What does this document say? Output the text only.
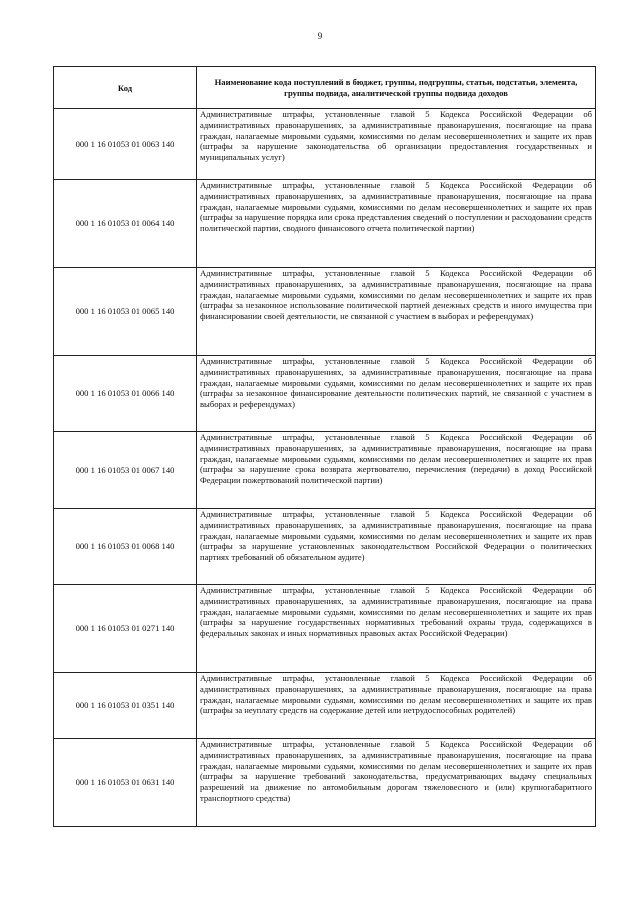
9
Код	Наименование кода поступлений в бюджет, группы, подгруппы, статьи, подстатьи, элемента, группы подвида, аналитической группы подвида доходов
000 1 16 01053 01 0063 140	Административные штрафы, установленные главой 5 Кодекса Российской Федерации об административных правонарушениях, за административные правонарушения, посягающие на права граждан, налагаемые мировыми судьями, комиссиями по делам несовершеннолетних и защите их прав (штрафы за нарушение законодательства об организации предоставления государственных и муниципальных услуг)
000 1 16 01053 01 0064 140	Административные штрафы, установленные главой 5 Кодекса Российской Федерации об административных правонарушениях, за административные правонарушения, посягающие на права граждан, налагаемые мировыми судьями, комиссиями по делам несовершеннолетних и защите их прав (штрафы за нарушение порядка или срока представления сведений о поступлении и расходовании средств политической партии, сводного финансового отчета политической партии)
000 1 16 01053 01 0065 140	Административные штрафы, установленные главой 5 Кодекса Российской Федерации об административных правонарушениях, за административные правонарушения, посягающие на права граждан, налагаемые мировыми судьями, комиссиями по делам несовершеннолетних и защите их прав (штрафы за незаконное использование политической партией денежных средств и иного имущества при финансировании своей деятельности, не связанной с участием в выборах и референдумах)
000 1 16 01053 01 0066 140	Административные штрафы, установленные главой 5 Кодекса Российской Федерации об административных правонарушениях, за административные правонарушения, посягающие на права граждан, налагаемые мировыми судьями, комиссиями по делам несовершеннолетних и защите их прав (штрафы за незаконное финансирование деятельности политических партий, не связанной с участием в выборах и референдумах)
000 1 16 01053 01 0067 140	Административные штрафы, установленные главой 5 Кодекса Российской Федерации об административных правонарушениях, за административные правонарушения, посягающие на права граждан, налагаемые мировыми судьями, комиссиями по делам несовершеннолетних и защите их прав (штрафы за нарушение срока возврата жертвователю, перечисления (передачи) в доход Российской Федерации пожертвований политической партии)
000 1 16 01053 01 0068 140	Административные штрафы, установленные главой 5 Кодекса Российской Федерации об административных правонарушениях, за административные правонарушения, посягающие на права граждан, налагаемые мировыми судьями, комиссиями по делам несовершеннолетних и защите их прав (штрафы за нарушение установленных законодательством Российской Федерации о политических партиях требований об обязательном аудите)
000 1 16 01053 01 0271 140	Административные штрафы, установленные главой 5 Кодекса Российской Федерации об административных правонарушениях, за административные правонарушения, посягающие на права граждан, налагаемые мировыми судьями, комиссиями по делам несовершеннолетних и защите их прав (штрафы за нарушение государственных нормативных требований охраны труда, содержащихся в федеральных законах и иных нормативных правовых актах Российской Федерации)
000 1 16 01053 01 0351 140	Административные штрафы, установленные главой 5 Кодекса Российской Федерации об административных правонарушениях, за административные правонарушения, посягающие на права граждан, налагаемые мировыми судьями, комиссиями по делам несовершеннолетних и защите их прав (штрафы за неуплату средств на содержание детей или нетрудоспособных родителей)
000 1 16 01053 01 0631 140	Административные штрафы, установленные главой 5 Кодекса Российской Федерации об административных правонарушениях, за административные правонарушения, посягающие на права граждан, налагаемые мировыми судьями, комиссиями по делам несовершеннолетних и защите их прав (штрафы за нарушение требований законодательства, предусматривающих выдачу специальных разрешений на движение по автомобильным дорогам тяжеловесного и (или) крупногабаритного транспортного средства)
